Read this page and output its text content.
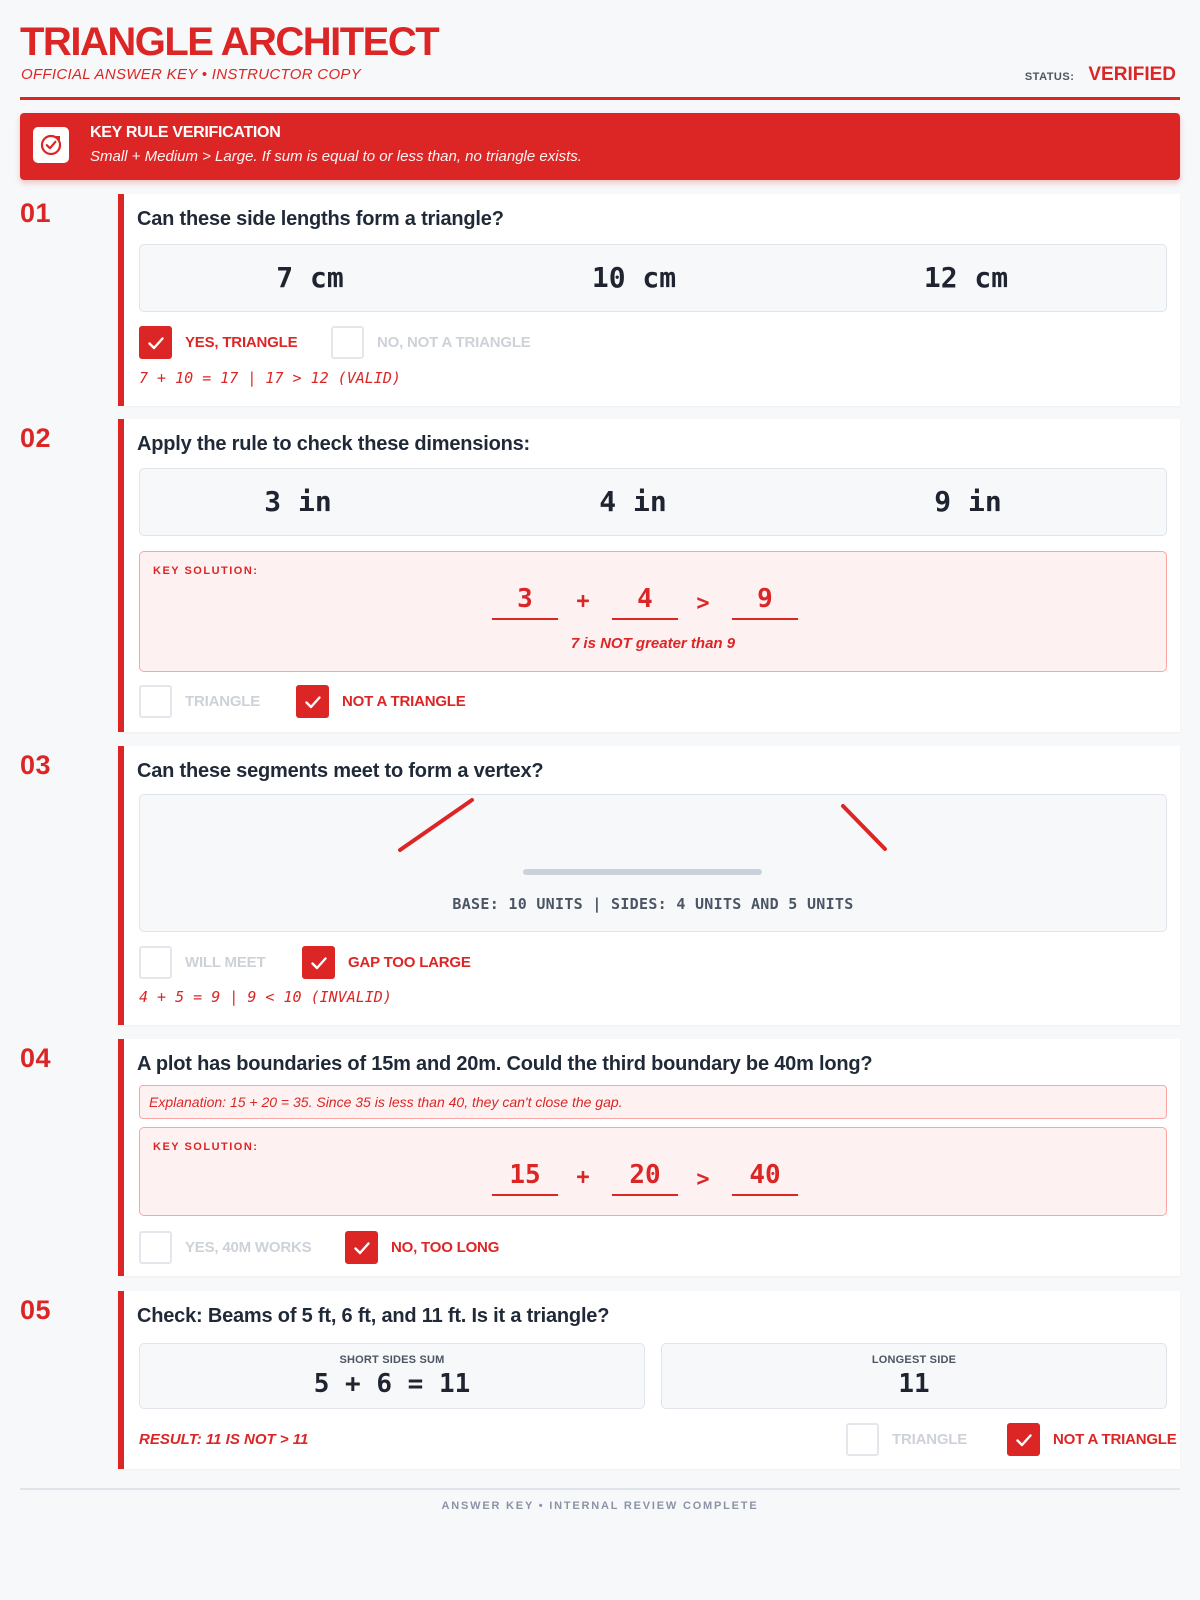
TRIANGLE ARCHITECT
OFFICIAL ANSWER KEY • INSTRUCTOR COPY	STATUS: VERIFIED
KEY RULE VERIFICATION
Small + Medium > Large. If sum is equal to or less than, no triangle exists.
01	Can these side lengths form a triangle?
7 cm	10 cm	12 cm
YES, TRIANGLE	NO, NOT A TRIANGLE
7 + 10 = 17 | 17 > 12 (VALID)
02	Apply the rule to check these dimensions:
3 in	4 in	9 in
KEY SOLUTION:
3	+	4	>	9
7 is NOT greater than 9
TRIANGLE	NOT A TRIANGLE
03	Can these segments meet to form a vertex?
BASE: 10 UNITS | SIDES: 4 UNITS AND 5 UNITS
WILL MEET	GAP TOO LARGE
4 + 5 = 9 | 9 < 10 (INVALID)
04	A plot has boundaries of 15m and 20m. Could the third boundary be 40m long?
Explanation: 15 + 20 = 35. Since 35 is less than 40, they can't close the gap.
KEY SOLUTION:
15	+	20	>	40
YES, 40M WORKS	NO, TOO LONG
05	Check: Beams of 5 ft, 6 ft, and 11 ft. Is it a triangle?
SHORT SIDES SUM
5 + 6 = 11
LONGEST SIDE
11
RESULT: 11 IS NOT > 11	TRIANGLE	NOT A TRIANGLE
ANSWER KEY • INTERNAL REVIEW COMPLETE
